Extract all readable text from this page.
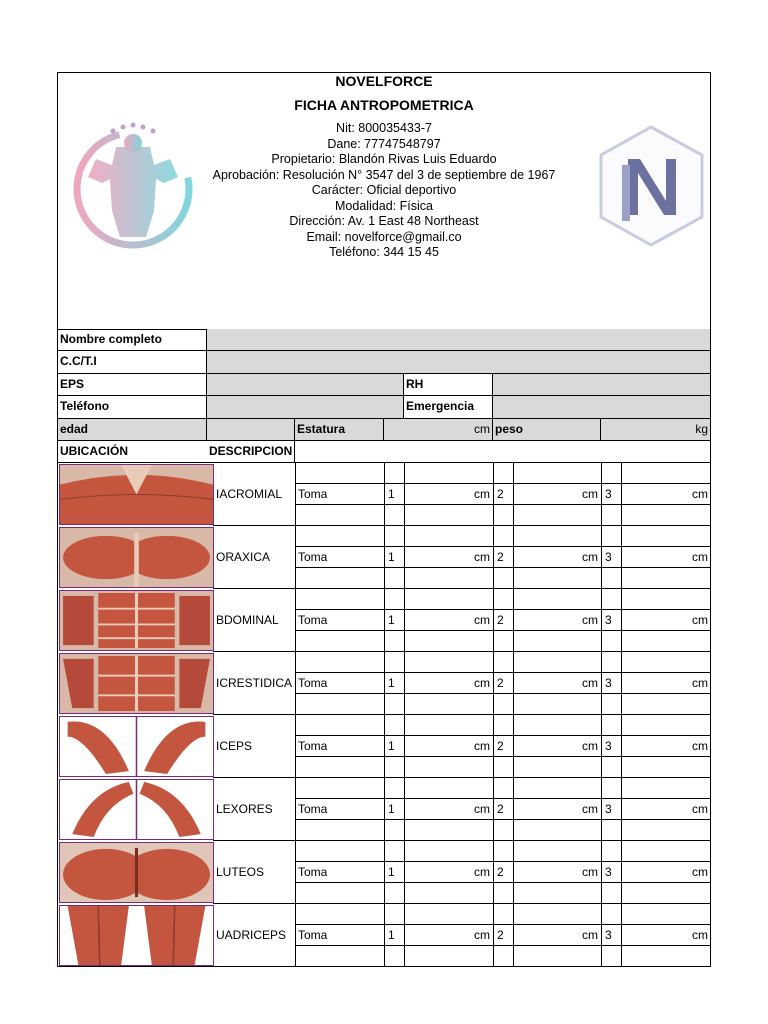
NOVELFORCE
FICHA ANTROPOMETRICA
Nit: 800035433-7
Dane: 77747548797
Propietario: Blandón Rivas Luis Eduardo
Aprobación: Resolución N° 3547 del 3 de septiembre de 1967
Carácter: Oficial deportivo
Modalidad: Física
Dirección: Av. 1 East 48 Northeast
Email: novelforce@gmail.co
Teléfono: 344 15 45
Nombre completo
C.C/T.I
EPS	RH
Teléfono	Emergencia
edad	Estatura	cm peso	kg
UBICACIÓN	DESCRIPCION
IACROMIAL	Toma	1	cm 2	cm 3	cm
ORAXICA	Toma	1	cm 2	cm 3	cm
BDOMINAL	Toma	1	cm 2	cm 3	cm
ICRESTIDICA Toma	1	cm 2	cm 3	cm
ICEPS	Toma	1	cm 2	cm 3	cm
LEXORES	Toma	1	cm 2	cm 3	cm
LUTEOS	Toma	1	cm 2	cm 3	cm
UADRICEPS Toma	1	cm 2	cm 3	cm
